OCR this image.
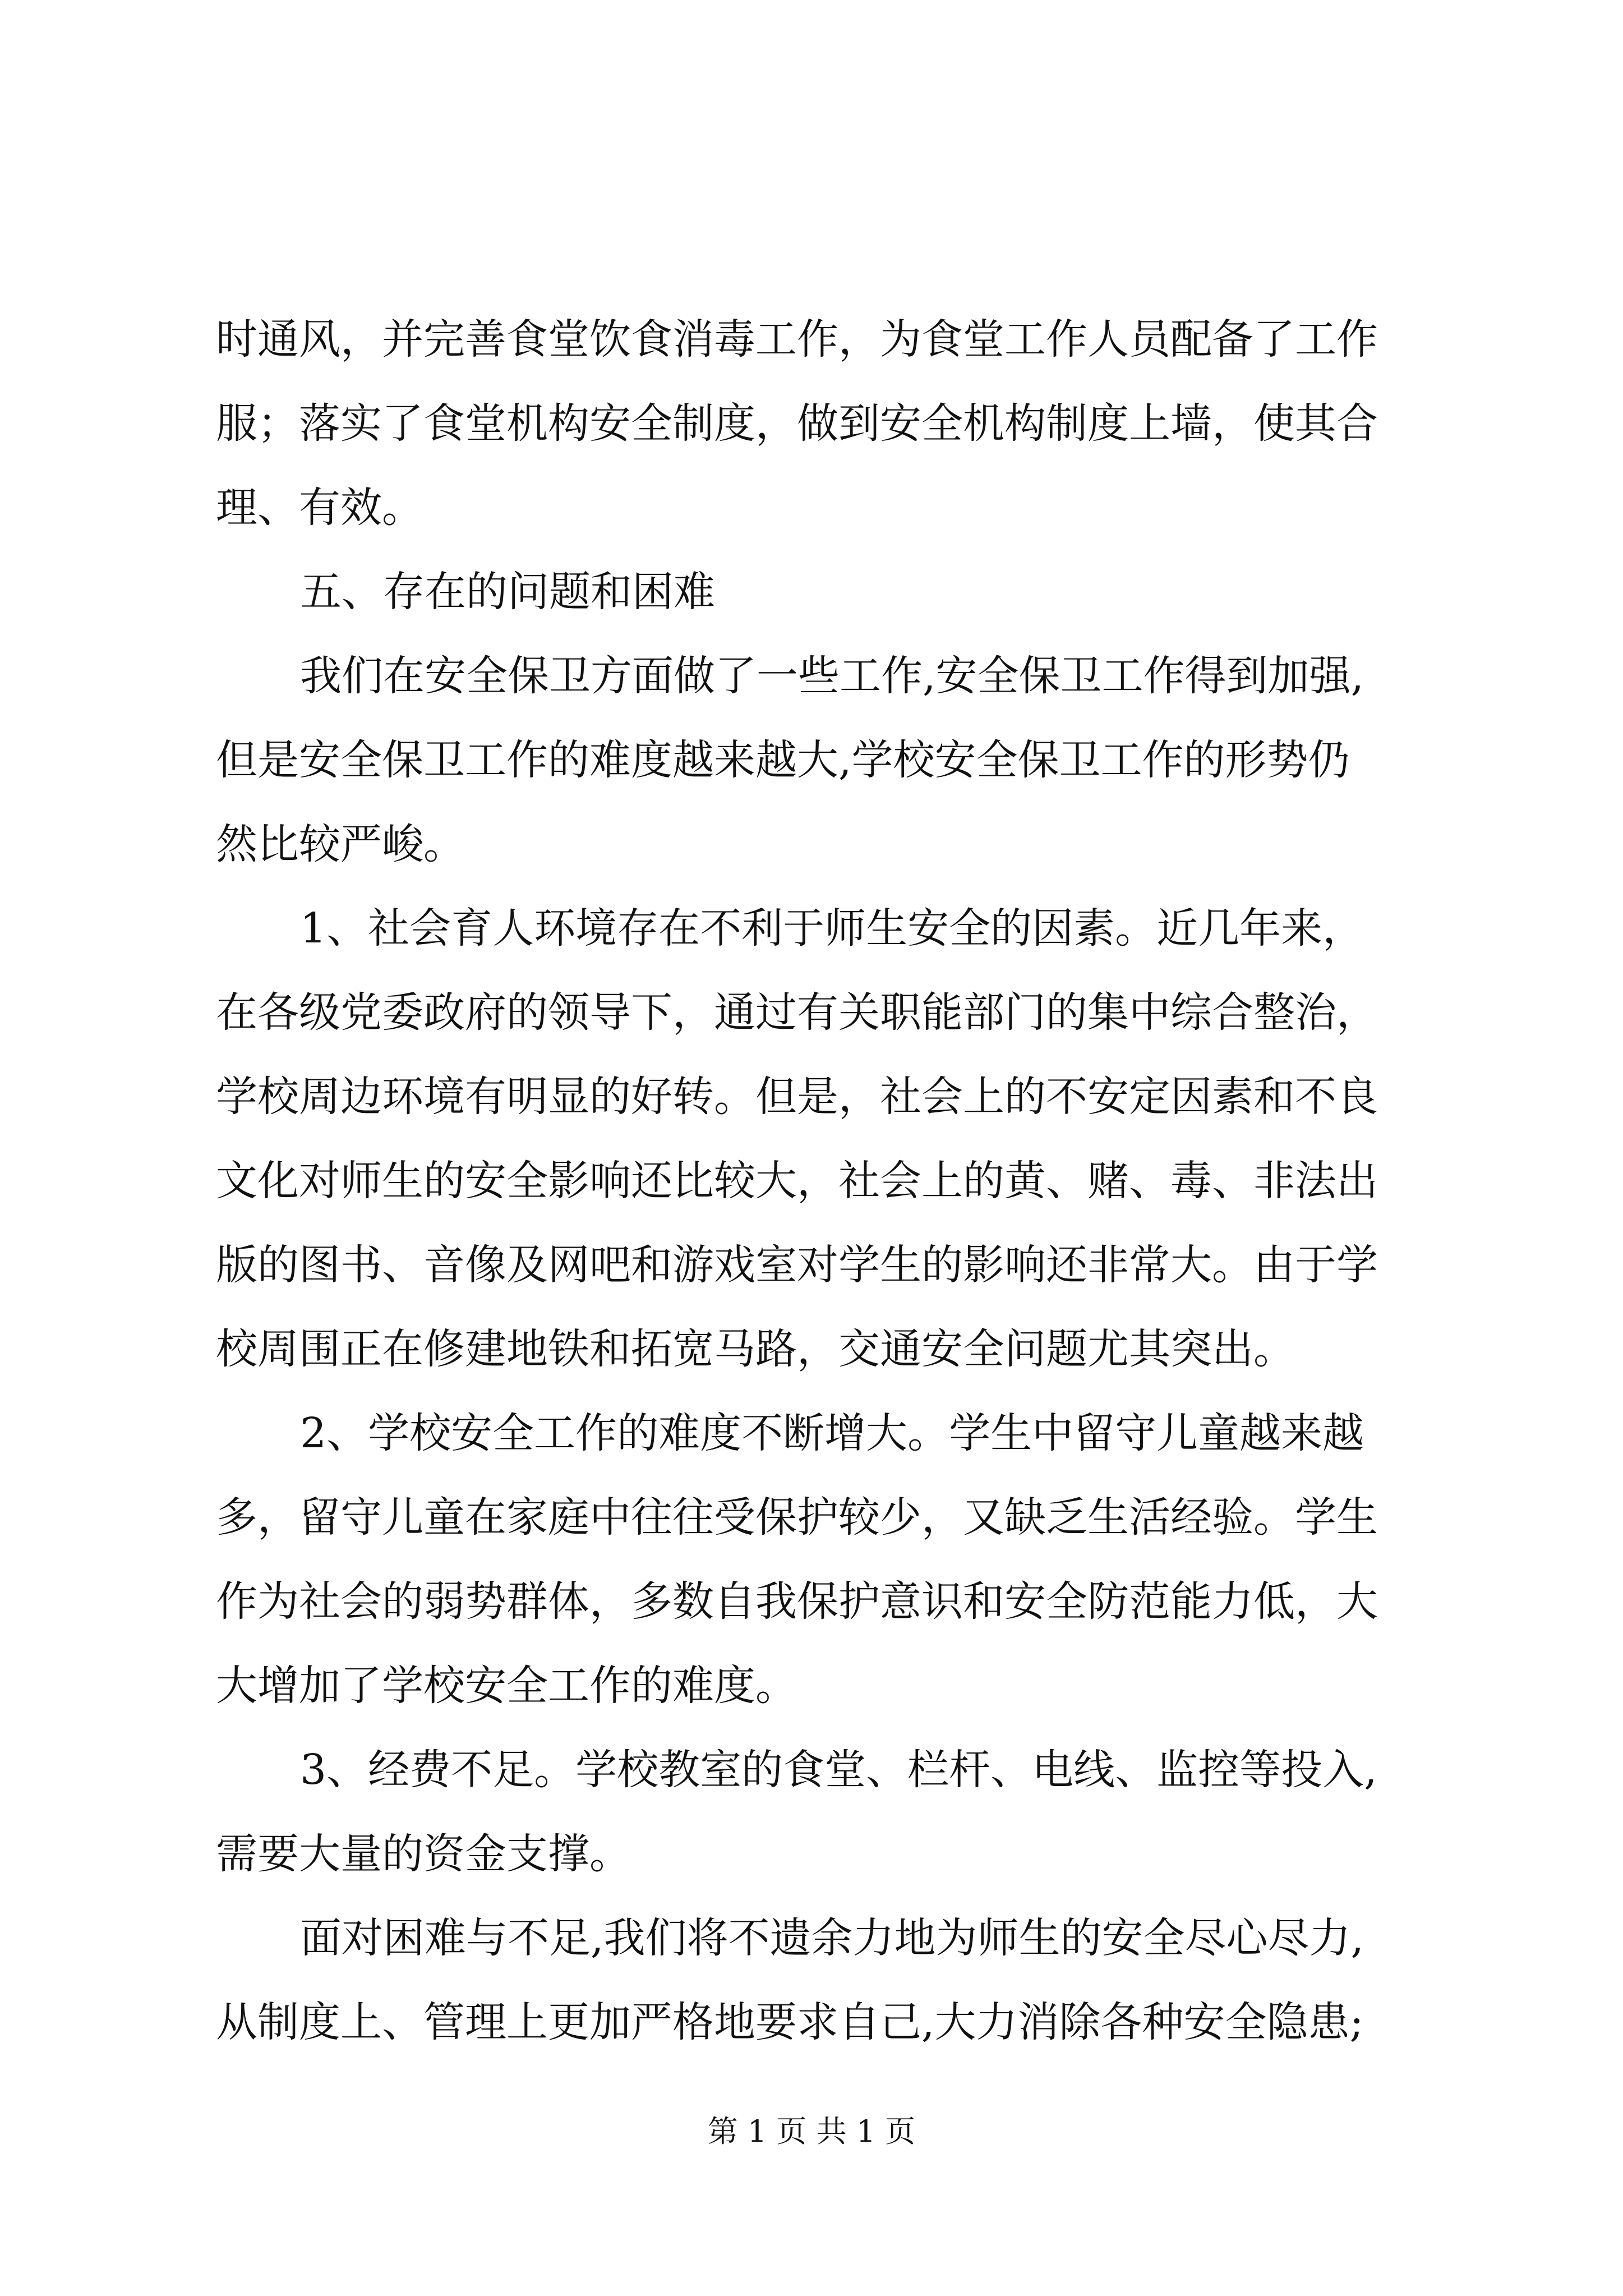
时通风，并完善食堂饮食消毒工作，为食堂工作人员配备了工作
服；落实了食堂机构安全制度，做到安全机构制度上墙，使其合
理、有效。
五、存在的问题和困难
我们在安全保卫方面做了一些工作,安全保卫工作得到加强,
但是安全保卫工作的难度越来越大,学校安全保卫工作的形势仍
然比较严峻。
1、社会育人环境存在不利于师生安全的因素。近几年来，
在各级党委政府的领导下，通过有关职能部门的集中综合整治，
学校周边环境有明显的好转。但是，社会上的不安定因素和不良
文化对师生的安全影响还比较大，社会上的黄、赌、毒、非法出
版的图书、音像及网吧和游戏室对学生的影响还非常大。由于学
校周围正在修建地铁和拓宽马路，交通安全问题尤其突出。
2、学校安全工作的难度不断增大。学生中留守儿童越来越
多，留守儿童在家庭中往往受保护较少，又缺乏生活经验。学生
作为社会的弱势群体，多数自我保护意识和安全防范能力低，大
大增加了学校安全工作的难度。
3、经费不足。学校教室的食堂、栏杆、电线、监控等投入,
需要大量的资金支撑。
面对困难与不足,我们将不遗余力地为师生的安全尽心尽力,
从制度上、管理上更加严格地要求自己,大力消除各种安全隐患;
第 1 页 共 1 页
